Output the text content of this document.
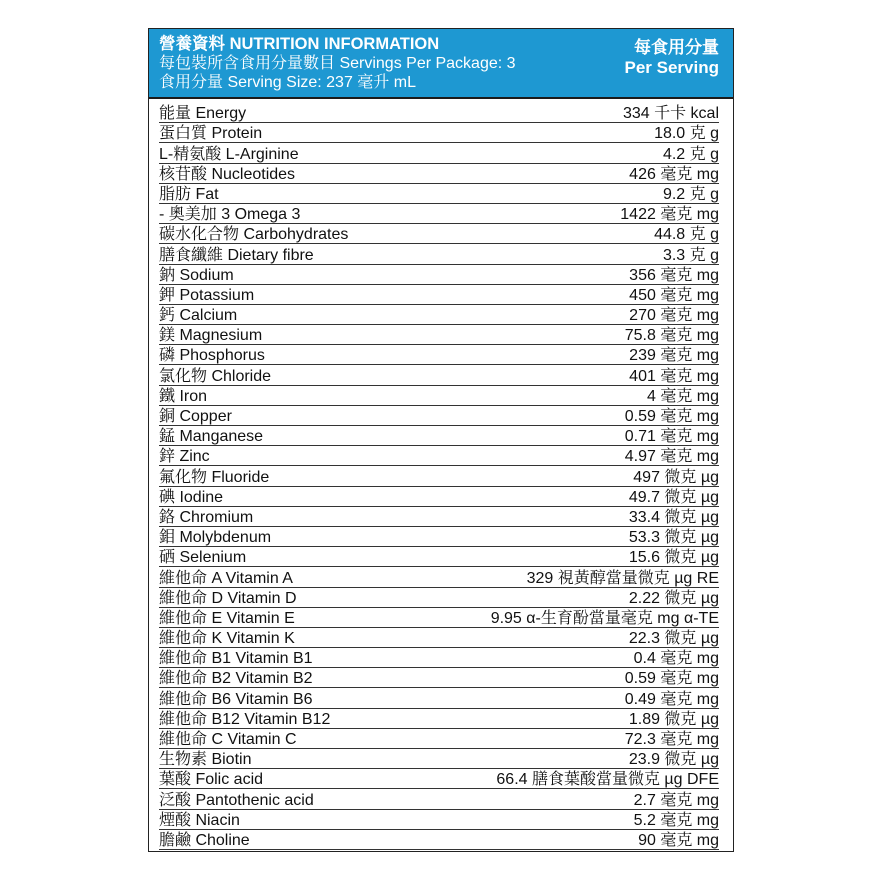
營養資料 NUTRITION INFORMATION
每包裝所含食用分量數目 Servings Per Package: 3
食用分量 Serving Size: 237 毫升 mL
每食用分量
Per Serving
能量 Energy	334 千卡 kcal
蛋白質 Protein	18.0 克 g
L-精氨酸 L-Arginine	4.2 克 g
核苷酸 Nucleotides	426 毫克 mg
脂肪 Fat	9.2 克 g
- 奧美加 3 Omega 3	1422 毫克 mg
碳水化合物 Carbohydrates	44.8 克 g
膳食纖維 Dietary fibre	3.3 克 g
鈉 Sodium	356 毫克 mg
鉀 Potassium	450 毫克 mg
鈣 Calcium	270 毫克 mg
鎂 Magnesium	75.8 毫克 mg
磷 Phosphorus	239 毫克 mg
氯化物 Chloride	401 毫克 mg
鐵 Iron	4 毫克 mg
銅 Copper	0.59 毫克 mg
錳 Manganese	0.71 毫克 mg
鋅 Zinc	4.97 毫克 mg
氟化物 Fluoride	497 微克 µg
碘 Iodine	49.7 微克 µg
鉻 Chromium	33.4 微克 µg
鉬 Molybdenum	53.3 微克 µg
硒 Selenium	15.6 微克 µg
維他命 A Vitamin A	329 視黃醇當量微克 µg RE
維他命 D Vitamin D	2.22 微克 µg
維他命 E Vitamin E	9.95 α-生育酚當量毫克 mg α-TE
維他命 K Vitamin K	22.3 微克 µg
維他命 B1 Vitamin B1	0.4 毫克 mg
維他命 B2 Vitamin B2	0.59 毫克 mg
維他命 B6 Vitamin B6	0.49 毫克 mg
維他命 B12 Vitamin B12	1.89 微克 µg
維他命 C Vitamin C	72.3 毫克 mg
生物素 Biotin	23.9 微克 µg
葉酸 Folic acid	66.4 膳食葉酸當量微克 µg DFE
泛酸 Pantothenic acid	2.7 毫克 mg
煙酸 Niacin	5.2 毫克 mg
膽鹼 Choline	90 毫克 mg
